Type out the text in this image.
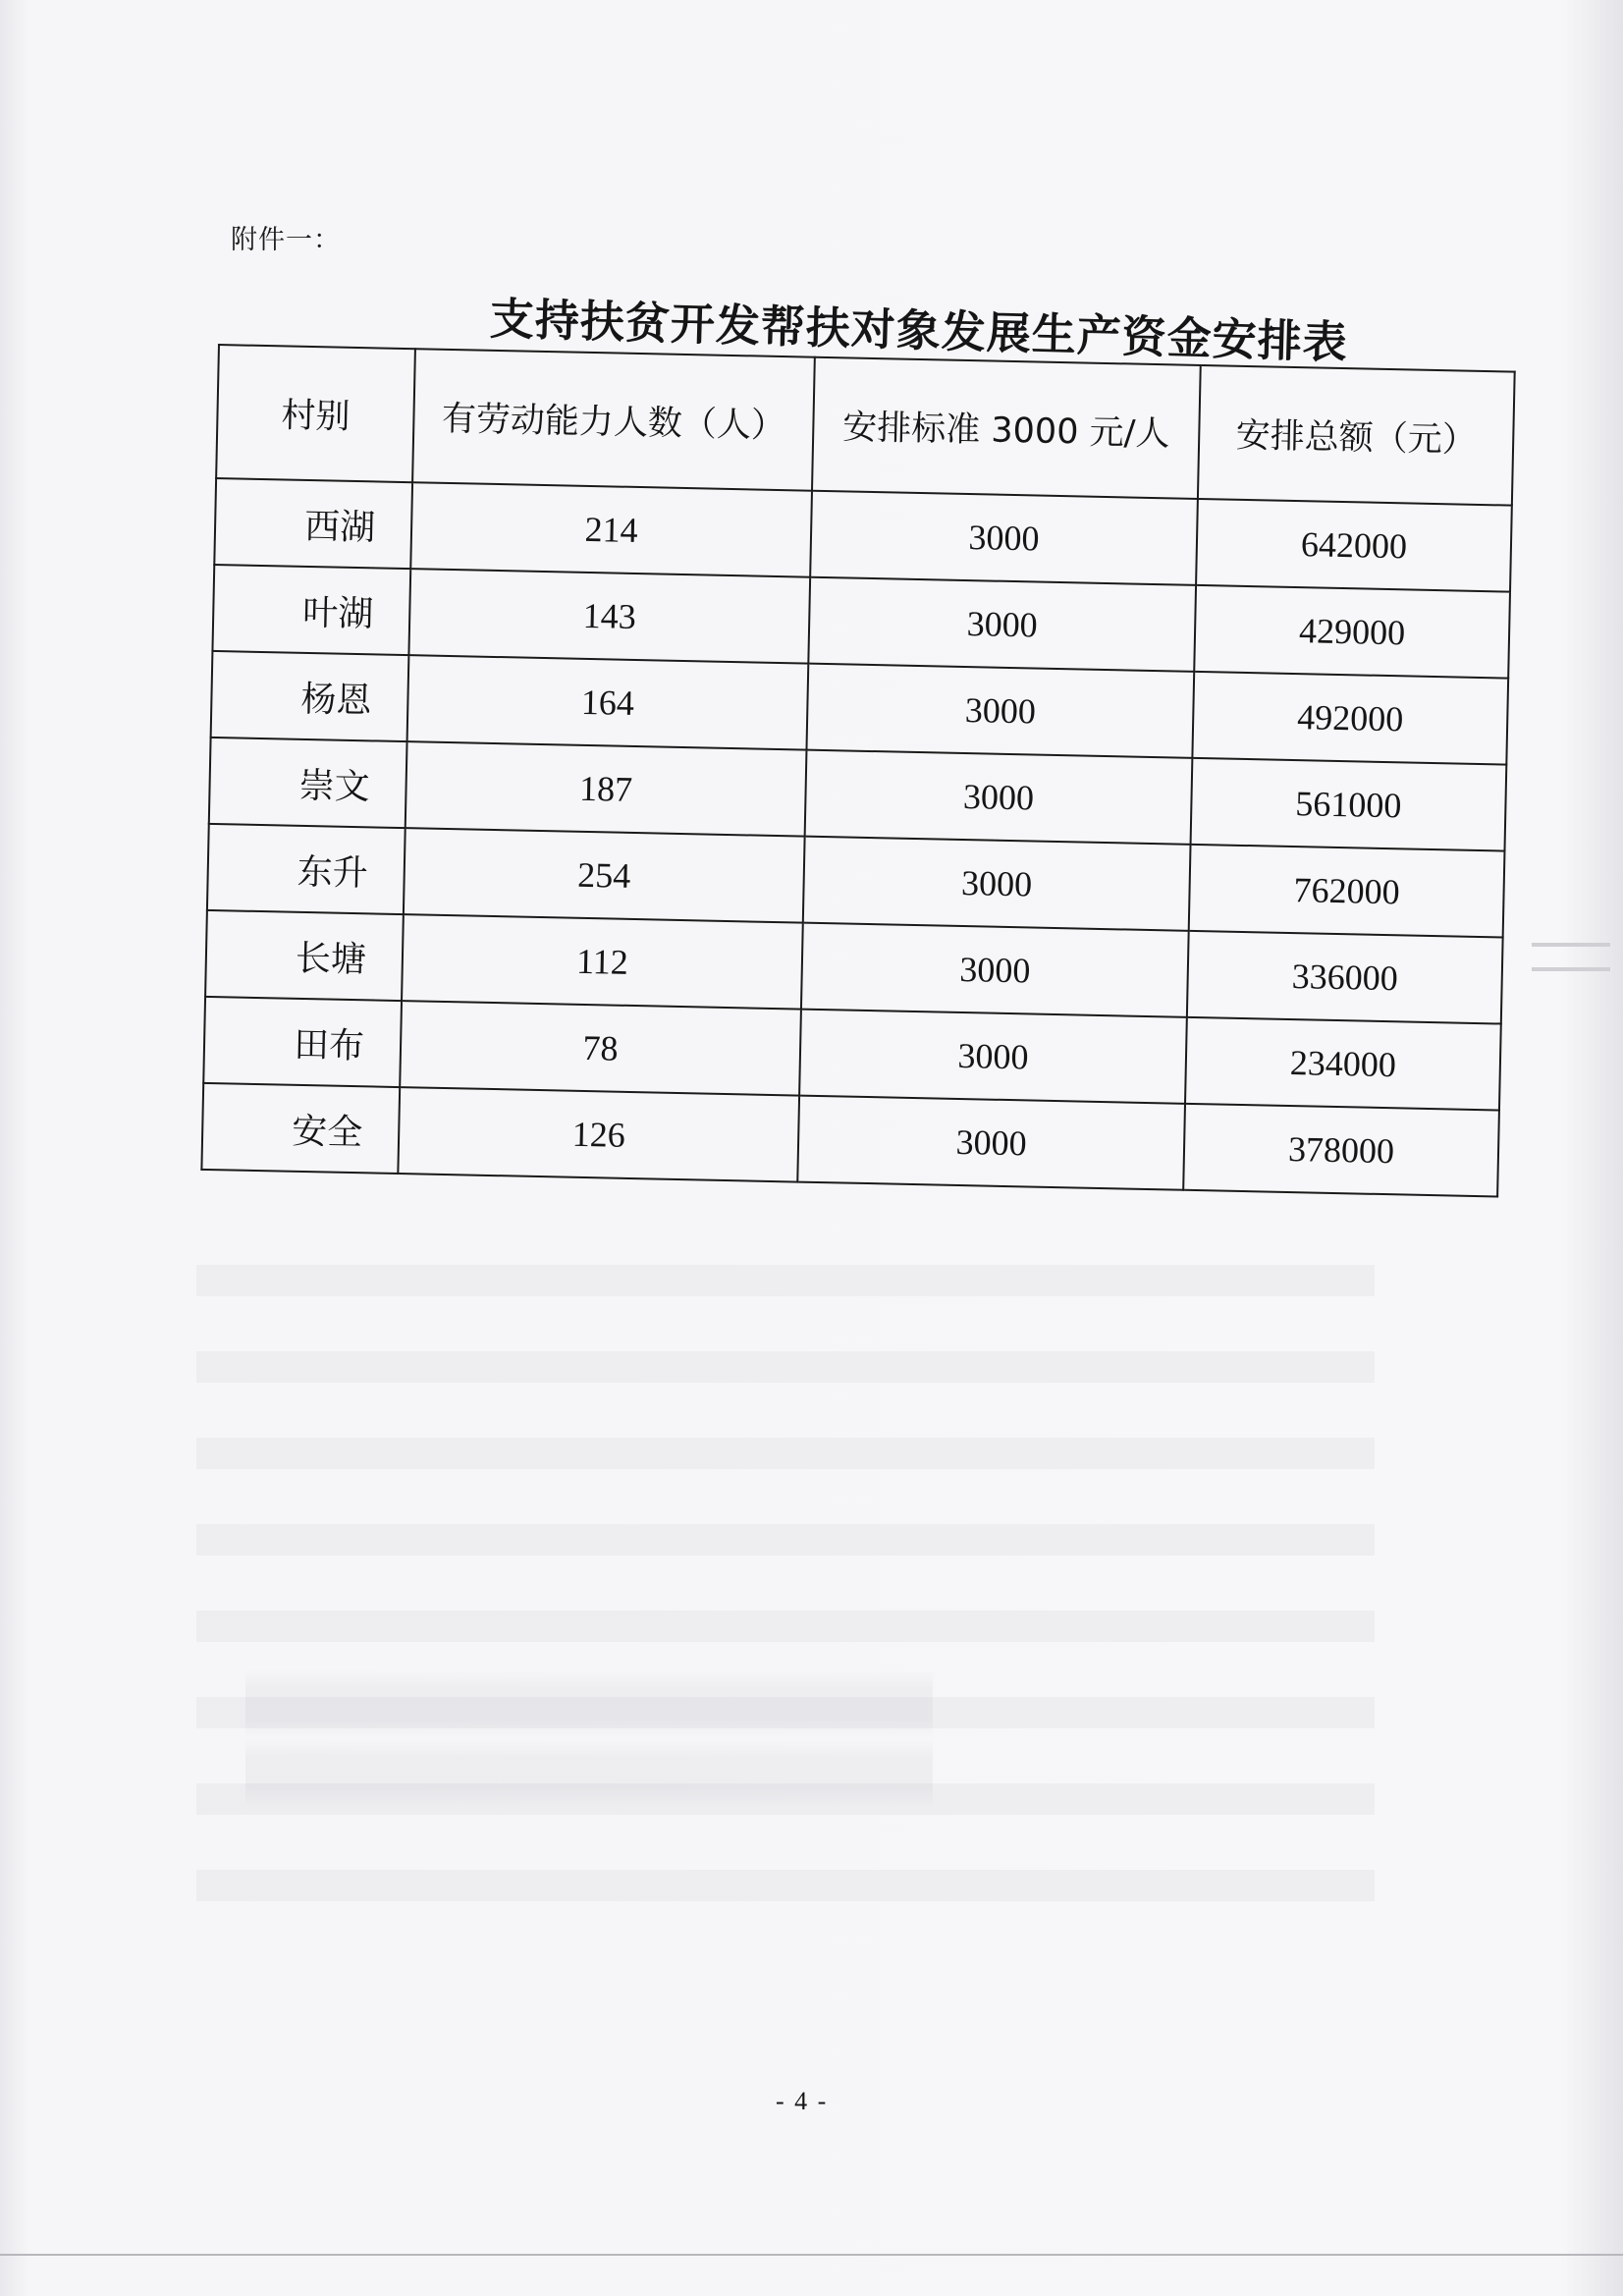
附件一：
支持扶贫开发帮扶对象发展生产资金安排表
村别	有劳动能力人数（人）	安排标准 3000 元/人	安排总额（元）
西湖	214	3000	642000
叶湖	143	3000	429000
杨恩	164	3000	492000
崇文	187	3000	561000
东升	254	3000	762000
长塘	112	3000	336000
田布	78	3000	234000
安全	126	3000	378000
- 4 -
